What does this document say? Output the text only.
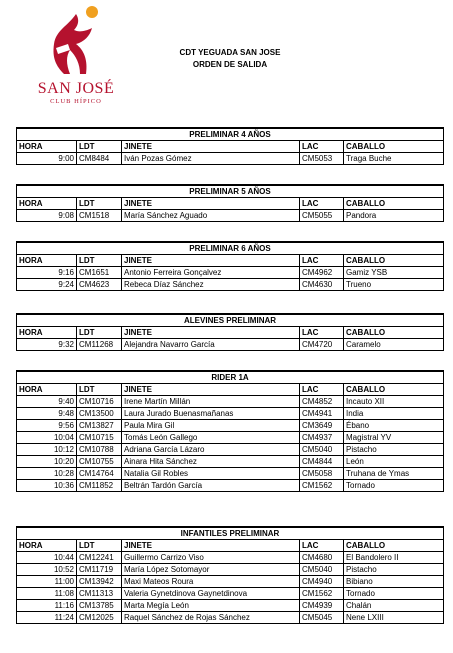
SAN JOSÉ
CLUB HÍPICO
CDT YEGUADA SAN JOSE
ORDEN DE SALIDA
PRELIMINAR 4 AÑOS				
HORA	LDT	JINETE	LAC	CABALLO
9:00	CM8484	Iván Pozas Gómez	CM5053	Traga Buche
PRELIMINAR 5 AÑOS				
HORA	LDT	JINETE	LAC	CABALLO
9:08	CM1518	María Sánchez Aguado	CM5055	Pandora
PRELIMINAR 6 AÑOS				
HORA	LDT	JINETE	LAC	CABALLO
9:16	CM1651	Antonio Ferreira Gonçalvez	CM4962	Gamiz YSB
9:24	CM4623	Rebeca Díaz Sánchez	CM4630	Trueno
ALEVINES PRELIMINAR				
HORA	LDT	JINETE	LAC	CABALLO
9:32	CM11268	Alejandra Navarro García	CM4720	Caramelo
RIDER 1A				
HORA	LDT	JINETE	LAC	CABALLO
9:40	CM10716	Irene Martín Millán	CM4852	Incauto XII
9:48	CM13500	Laura Jurado Buenasmañanas	CM4941	India
9:56	CM13827	Paula Mira Gil	CM3649	Ébano
10:04	CM10715	Tomás León Gallego	CM4937	Magistral YV
10:12	CM10788	Adriana García Lázaro	CM5040	Pistacho
10:20	CM10755	Ainara Hita Sánchez	CM4844	León
10:28	CM14764	Natalia Gil Robles	CM5058	Truhana de Ymas
10:36	CM11852	Beltrán Tardón García	CM1562	Tornado
INFANTILES PRELIMINAR				
HORA	LDT	JINETE	LAC	CABALLO
10:44	CM12241	Guillermo Carrizo Viso	CM4680	El Bandolero II
10:52	CM11719	María López Sotomayor	CM5040	Pistacho
11:00	CM13942	Maxi Mateos Roura	CM4940	Bibiano
11:08	CM11313	Valeria Gynetdinova Gaynetdinova	CM1562	Tornado
11:16	CM13785	Marta Megía León	CM4939	Chalán
11:24	CM12025	Raquel Sánchez de Rojas Sánchez	CM5045	Nene LXIII
